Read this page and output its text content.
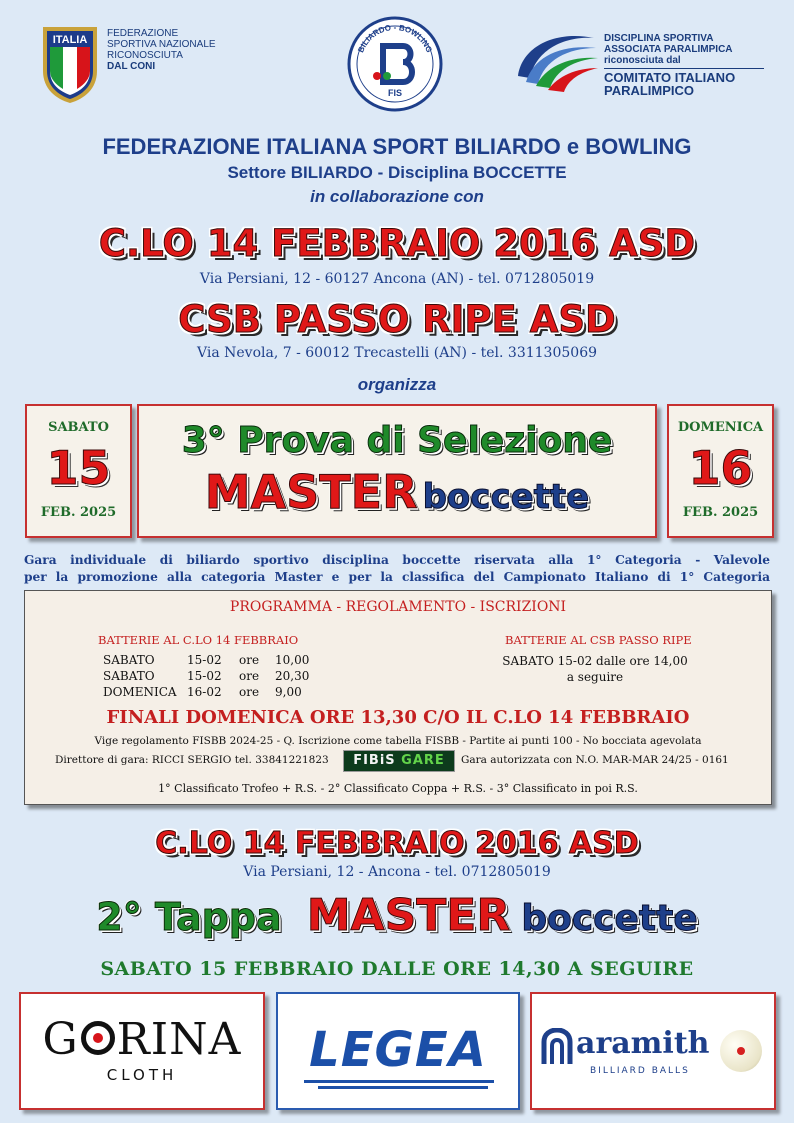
ITALIA
FEDERAZIONE
SPORTIVA NAZIONALE
RICONOSCIUTA
DAL CONI
BILIARDO - BOWLING
FIS
DISCIPLINA SPORTIVA
ASSOCIATA PARALIMPICA
riconosciuta dal
COMITATO ITALIANO
PARALIMPICO
FEDERAZIONE ITALIANA SPORT BILIARDO e BOWLING
Settore BILIARDO - Disciplina BOCCETTE
in collaborazione con
C.LO 14 FEBBRAIO 2016 ASD
Via Persiani, 12 - 60127 Ancona (AN) - tel. 0712805019
CSB PASSO RIPE ASD
Via Nevola, 7 - 60012 Trecastelli (AN) - tel. 3311305069
organizza
SABATO
15
FEB. 2025
3° Prova di Selezione
MASTER boccette
DOMENICA
16
FEB. 2025
Gara individuale di biliardo sportivo disciplina boccette riservata alla 1° Categoria - Valevole
per la promozione alla categoria Master e per la classifica del Campionato Italiano di 1° Categoria
PROGRAMMA - REGOLAMENTO - ISCRIZIONI
BATTERIE AL C.LO 14 FEBBRAIO	BATTERIE AL CSB PASSO RIPE
SABATO	15-02 ore 10,00
SABATO	15-02 ore 20,30
DOMENICA 16-02 ore 9,00
SABATO 15-02 dalle ore 14,00
a seguire
FINALI DOMENICA ORE 13,30 C/O IL C.LO 14 FEBBRAIO
Vige regolamento FISBB 2024-25 - Q. Iscrizione come tabella FISBB - Partite ai punti 100 - No bocciata agevolata
Direttore di gara: RICCI SERGIO tel. 33841221823	FIBiS GARE	Gara autorizzata con N.O. MAR-MAR 24/25 - 0161
1° Classificato Trofeo + R.S. - 2° Classificato Coppa + R.S. - 3° Classificato in poi R.S.
C.LO 14 FEBBRAIO 2016 ASD
Via Persiani, 12 - Ancona - tel. 0712805019
2° Tappa MASTER boccette
SABATO 15 FEBBRAIO DALLE ORE 14,30 A SEGUIRE
G RINA
CLOTH	LEGEA	aramith
BILLIARD BALLS
